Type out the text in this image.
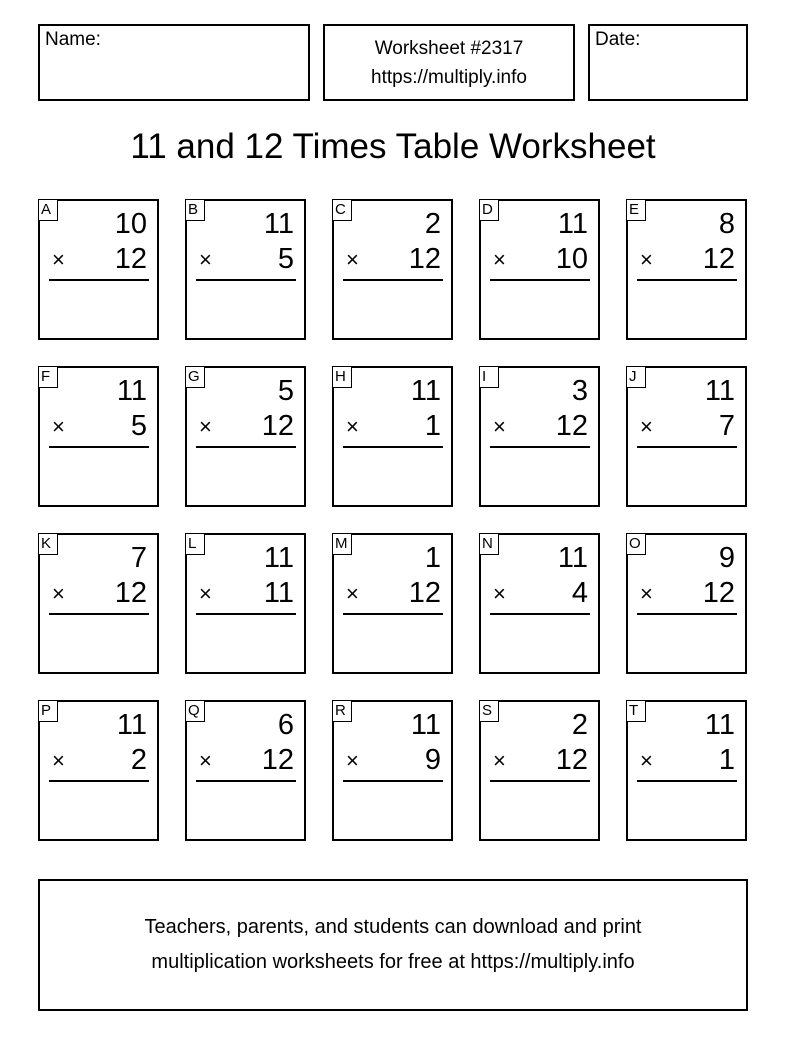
Name:	Worksheet #2317
https://multiply.info
Date:
11 and 12 Times Table Worksheet
A 10
× 12
B 11
× 5
C	2
× 12
D 11
× 10
E	8
× 12
F 11
× 5
G	5
× 12
H 11
× 1
I	3
× 12
J	11
× 7
K	7
× 12
L 11
× 11
M	1
× 12
N 11
× 4
O	9
× 12
P 11
× 2
Q	6
× 12
R 11
× 9
S	2
× 12
T 11
× 1
Teachers, parents, and students can download and print
multiplication worksheets for free at https://multiply.info
